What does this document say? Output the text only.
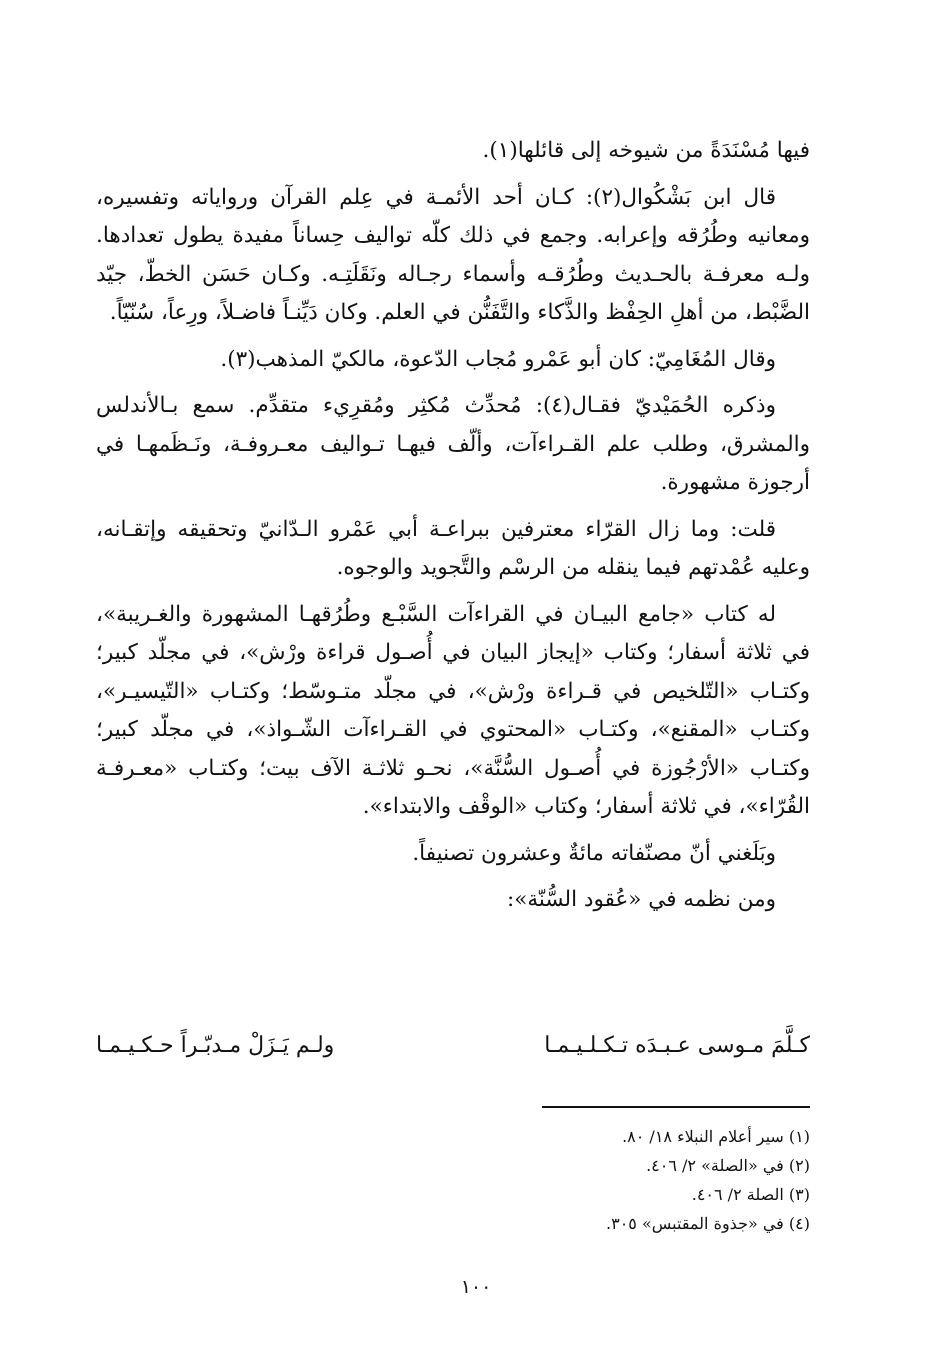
فيها مُسْنَدَةً من شيوخه إلى قائلها(١).

قال ابن بَشْكُوال(٢): كـان أحد الأئمـة في عِلم القرآن ورواياته وتفسيره، ومعانيه وطُرُقه وإعرابه. وجمع في ذلك كلّه تواليف حِساناً مفيدة يطول تعدادها. ولـه معرفـة بالحـديث وطُرُقـه وأسماء رجـاله ونَقَلَتِـه. وكـان حَسَن الخطّ، جيّد الضَّبْط، من أهلِ الحِفْظ والذَّكاء والتَّفَنُّن في العلم. وكان دَيِّنـاً فاضـلاً، ورِعاً، سُنّيّاً.

وقال المُغَامِيّ: كان أبو عَمْرو مُجاب الدّعوة، مالكيّ المذهب(٣).

وذكره الحُمَيْديّ فقـال(٤): مُحدِّث مُكثِر ومُقرِيء متقدِّم. سمع بـالأندلس والمشرق، وطلب علم القـراءآت، وألّف فيهـا تـواليف معـروفـة، ونَـظَمهـا في أرجوزة مشهورة.

قلت: وما زال القرّاء معترفين ببراعـة أبي عَمْرو الـدّانيّ وتحقيقه وإتقـانه، وعليه عُمْدتهم فيما ينقله من الرسْم والتَّجويد والوجوه.

له كتاب «جامع البيـان في القراءآت السَّبْـع وطُرُقهـا المشهورة والغـريبة»، في ثلاثة أسفار؛ وكتاب «إيجاز البيان في أُصـول قراءة ورْش»، في مجلّد كبير؛ وكتـاب «التّلخيص في قـراءة ورْش»، في مجلّد متـوسّط؛ وكتـاب «التّيسيـر»، وكتـاب «المقنع»، وكتـاب «المحتوي في القـراءآت الشّـواذ»، في مجلّد كبير؛ وكتـاب «الأرْجُوزة في أُصـول السُّنَّة»، نحـو ثلاثـة الآف بيت؛ وكتـاب «معـرفـة القُرّاء»، في ثلاثة أسفار؛ وكتاب «الوقْف والابتداء».

وبَلَغني أنّ مصنّفاته مائةٌ وعشرون تصنيفاً.

ومن نظمه في «عُقود السُّنّة»:

كـلَّمَ مـوسى عـبـدَه تـكـلـيـمـا
ولـم يَـزَلْ مـدبّـراً حـكـيـمـا
(١) سير أعلام النبلاء ١٨/ ٨٠.
(٢) في «الصلة» ٢/ ٤٠٦.
(٣) الصلة ٢/ ٤٠٦.
(٤) في «جذوة المقتبس» ٣٠٥.
١٠٠
